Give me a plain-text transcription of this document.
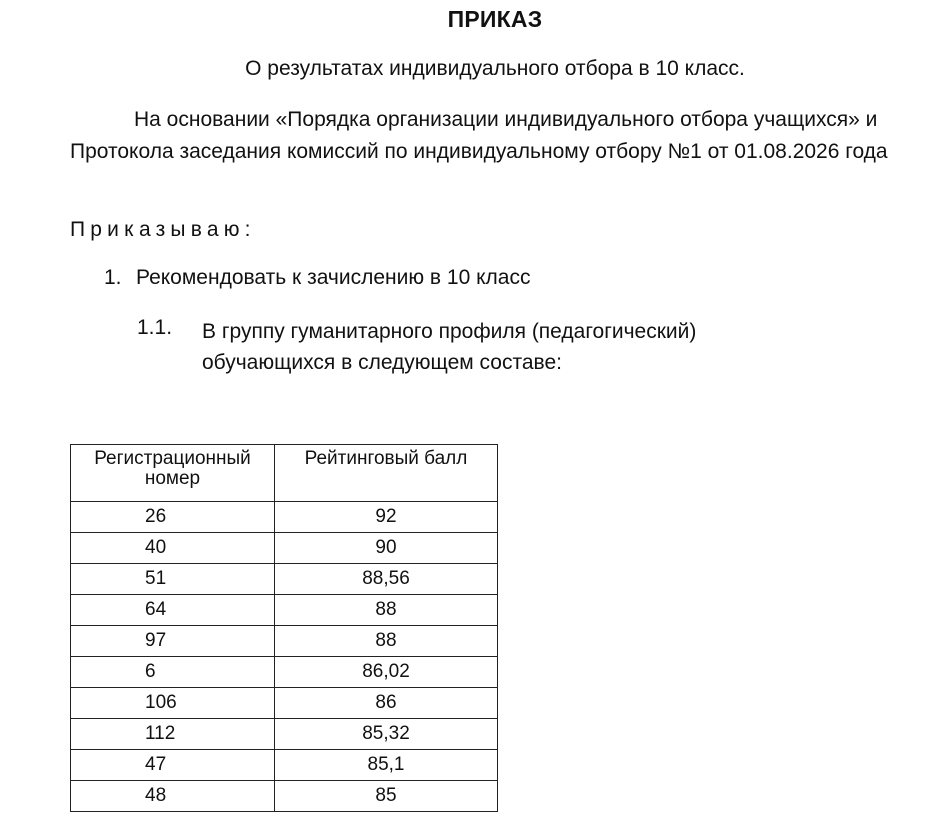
ПРИКАЗ
О результатах индивидуального отбора в 10 класс.
На основании «Порядка организации индивидуального отбора учащихся» и Протокола заседания комиссий по индивидуальному отбору №1 от 01.08.2026 года
Приказываю:
1. Рекомендовать к зачислению в 10 класс
1.1. В группу гуманитарного профиля (педагогический) обучающихся в следующем составе:
Регистрационный номер	Рейтинговый балл
26	92
40	90
51	88,56
64	88
97	88
6	86,02
106	86
112	85,32
47	85,1
48	85
